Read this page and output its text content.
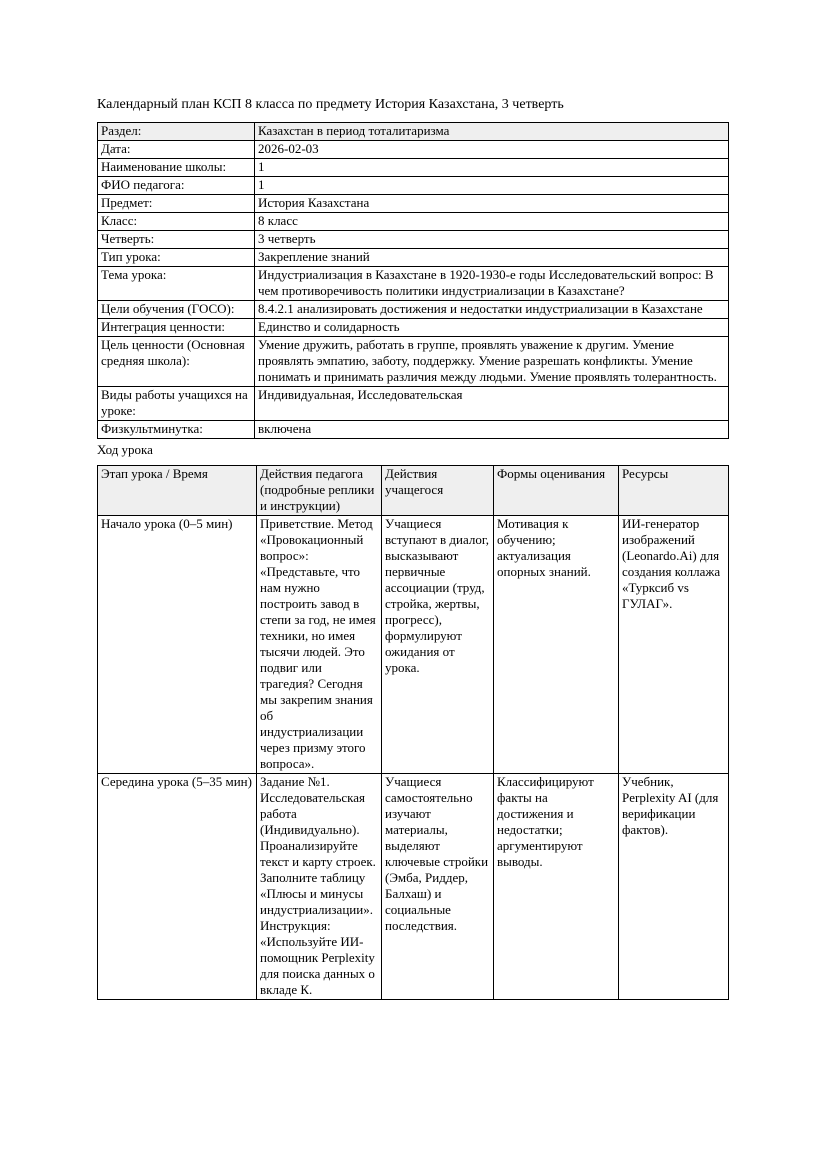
Календарный план КСП 8 класса по предмету История Казахстана, 3 четверть

Раздел:	Казахстан в период тоталитаризма
Дата:	2026-02-03
Наименование школы:	1
ФИО педагога:	1
Предмет:	История Казахстана
Класс:	8 класс
Четверть:	3 четверть
Тип урока:	Закрепление знаний
Тема урока:	Индустриализация в Казахстане в 1920-1930-е годы Исследовательский вопрос: В чем противоречивость политики индустриализации в Казахстане?
Цели обучения (ГОСО):	8.4.2.1 анализировать достижения и недостатки индустриализации в Казахстане
Интеграция ценности:	Единство и солидарность
Цель ценности (Основная средняя школа):	Умение дружить, работать в группе, проявлять уважение к другим. Умение проявлять эмпатию, заботу, поддержку. Умение разрешать конфликты. Умение понимать и принимать различия между людьми. Умение проявлять толерантность.
Виды работы учащихся на уроке:	Индивидуальная, Исследовательская
Физкультминутка:	включена

Ход урока

Этап урока / Время	Действия педагога (подробные реплики и инструкции)	Действия учащегося	Формы оценивания	Ресурсы
Начало урока (0–5 мин)	Приветствие. Метод «Провокационный вопрос»: «Представьте, что нам нужно построить завод в степи за год, не имея техники, но имея тысячи людей. Это подвиг или трагедия? Сегодня мы закрепим знания об индустриализации через призму этого вопроса».	Учащиеся вступают в диалог, высказывают первичные ассоциации (труд, стройка, жертвы, прогресс), формулируют ожидания от урока.	Мотивация к обучению; актуализация опорных знаний.	ИИ-генератор изображений (Leonardo.Ai) для создания коллажа «Турксиб vs ГУЛАГ».
Середина урока (5–35 мин)	Задание №1. Исследовательская работа (Индивидуально). Проанализируйте текст и карту строек. Заполните таблицу «Плюсы и минусы индустриализации». Инструкция: «Используйте ИИ-помощник Perplexity для поиска данных о вкладе К.	Учащиеся самостоятельно изучают материалы, выделяют ключевые стройки (Эмба, Риддер, Балхаш) и социальные последствия.	Классифицируют факты на достижения и недостатки; аргументируют выводы.	Учебник, Perplexity AI (для верификации фактов).
